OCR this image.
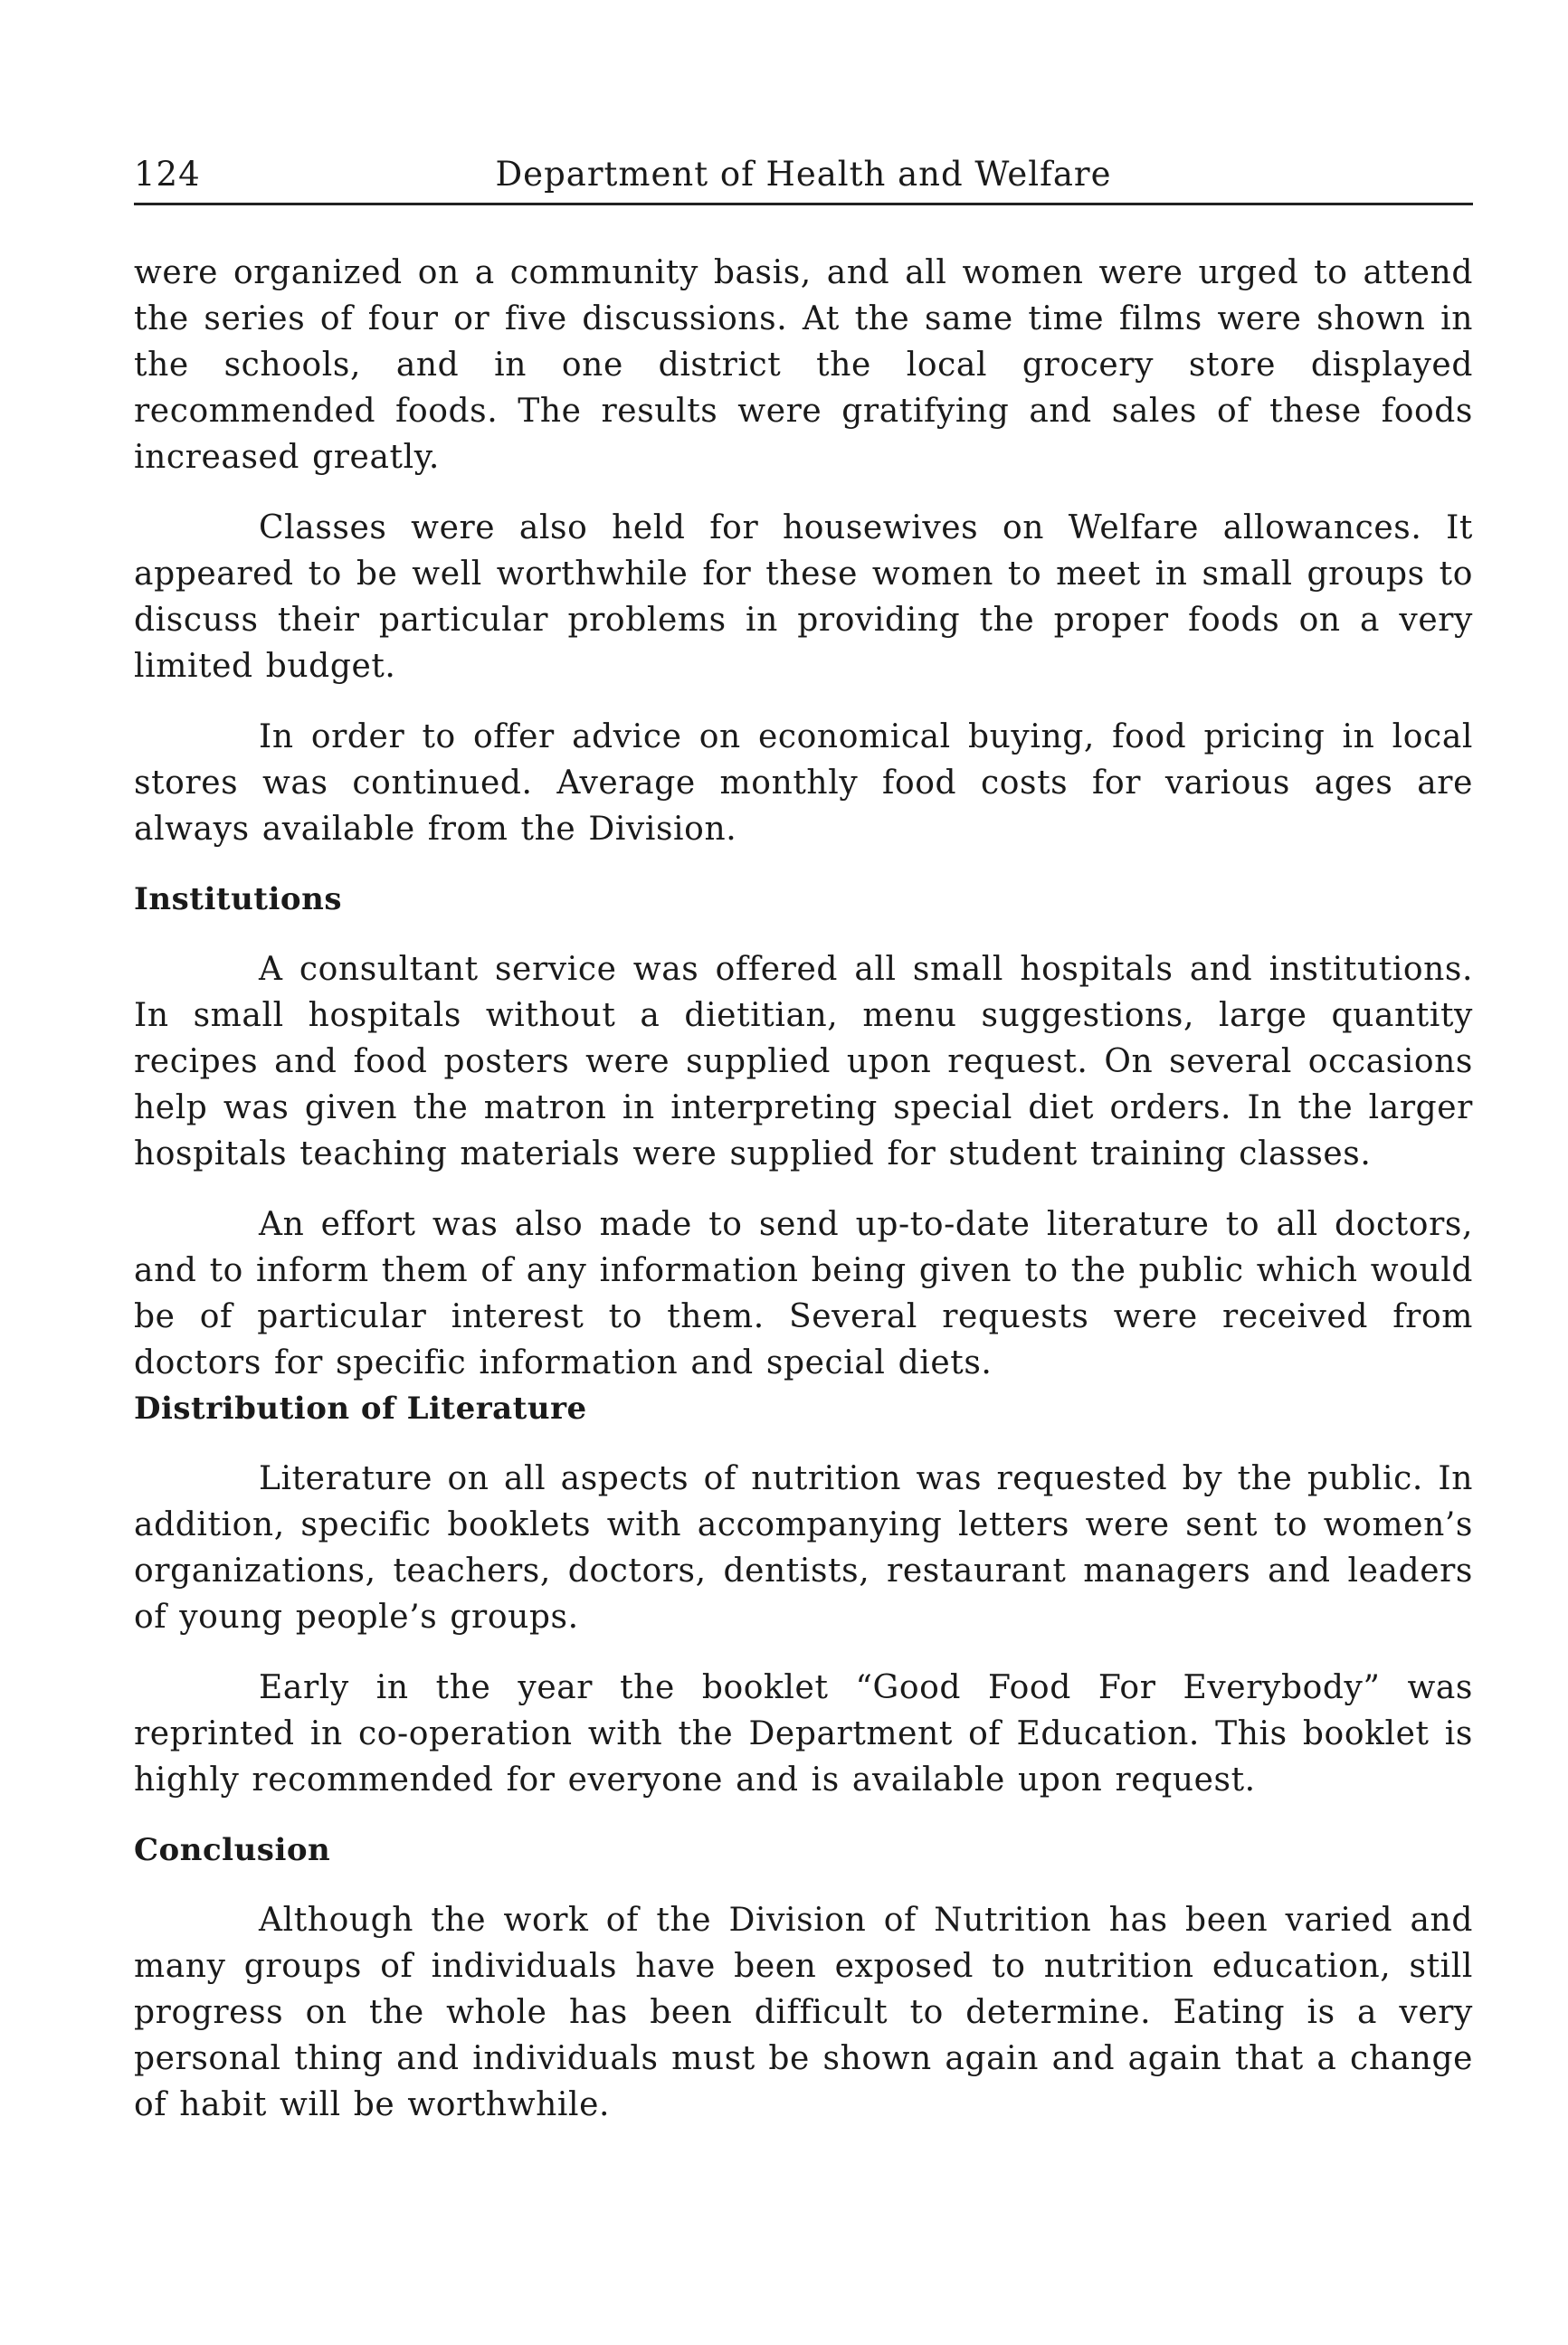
124	Department of Health and Welfare

were organized on a community basis, and all women were urged to attend the series of four or five discussions. At the same time films were shown in the schools, and in one district the local grocery store displayed recommended foods. The results were gratifying and sales of these foods increased greatly.

Classes were also held for housewives on Welfare allowances. It appeared to be well worthwhile for these women to meet in small groups to discuss their particular problems in providing the proper foods on a very limited budget.

In order to offer advice on economical buying, food pricing in local stores was continued. Average monthly food costs for various ages are always available from the Division.

Institutions

A consultant service was offered all small hospitals and institutions. In small hospitals without a dietitian, menu suggestions, large quantity recipes and food posters were supplied upon request. On several occasions help was given the matron in interpreting special diet orders. In the larger hospitals teaching materials were supplied for student training classes.

An effort was also made to send up-to-date literature to all doctors, and to inform them of any information being given to the public which would be of particular interest to them. Several requests were received from doctors for specific information and special diets.

Distribution of Literature

Literature on all aspects of nutrition was requested by the public. In addition, specific booklets with accompanying letters were sent to women’s organizations, teachers, doctors, dentists, restaurant managers and leaders of young people’s groups.

Early in the year the booklet “Good Food For Everybody” was reprinted in co-operation with the Department of Education. This booklet is highly recommended for everyone and is available upon request.

Conclusion

Although the work of the Division of Nutrition has been varied and many groups of individuals have been exposed to nutrition education, still progress on the whole has been difficult to determine. Eating is a very personal thing and individuals must be shown again and again that a change of habit will be worthwhile.
